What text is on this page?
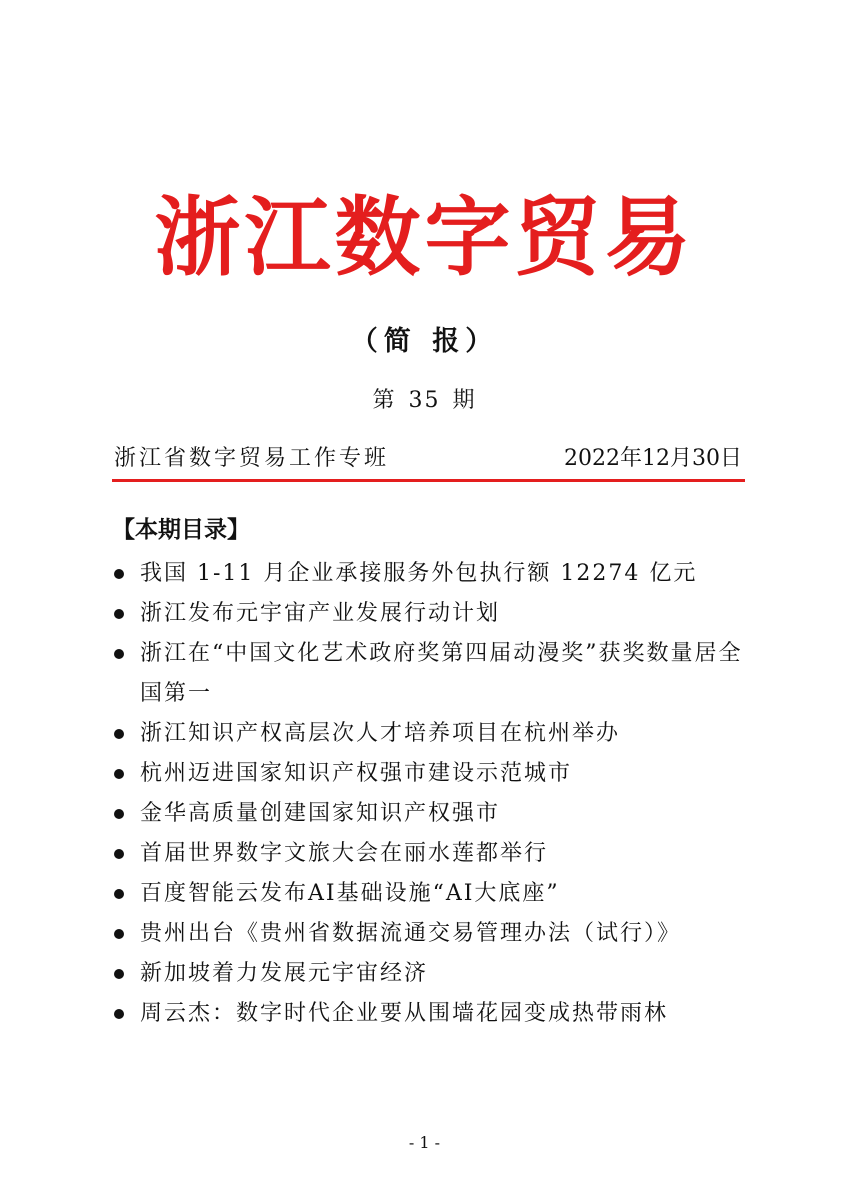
浙江数字贸易
（简 报）
第 35 期
浙江省数字贸易工作专班	2022年12月30日
【本期目录】
我国 1-11 月企业承接服务外包执行额 12274 亿元
浙江发布元宇宙产业发展行动计划
浙江在“中国文化艺术政府奖第四届动漫奖”获奖数量居全国第一
浙江知识产权高层次人才培养项目在杭州举办
杭州迈进国家知识产权强市建设示范城市
金华高质量创建国家知识产权强市
首届世界数字文旅大会在丽水莲都举行
百度智能云发布AI基础设施“AI大底座”
贵州出台《贵州省数据流通交易管理办法（试行）》
新加坡着力发展元宇宙经济
周云杰：数字时代企业要从围墙花园变成热带雨林
- 1 -
